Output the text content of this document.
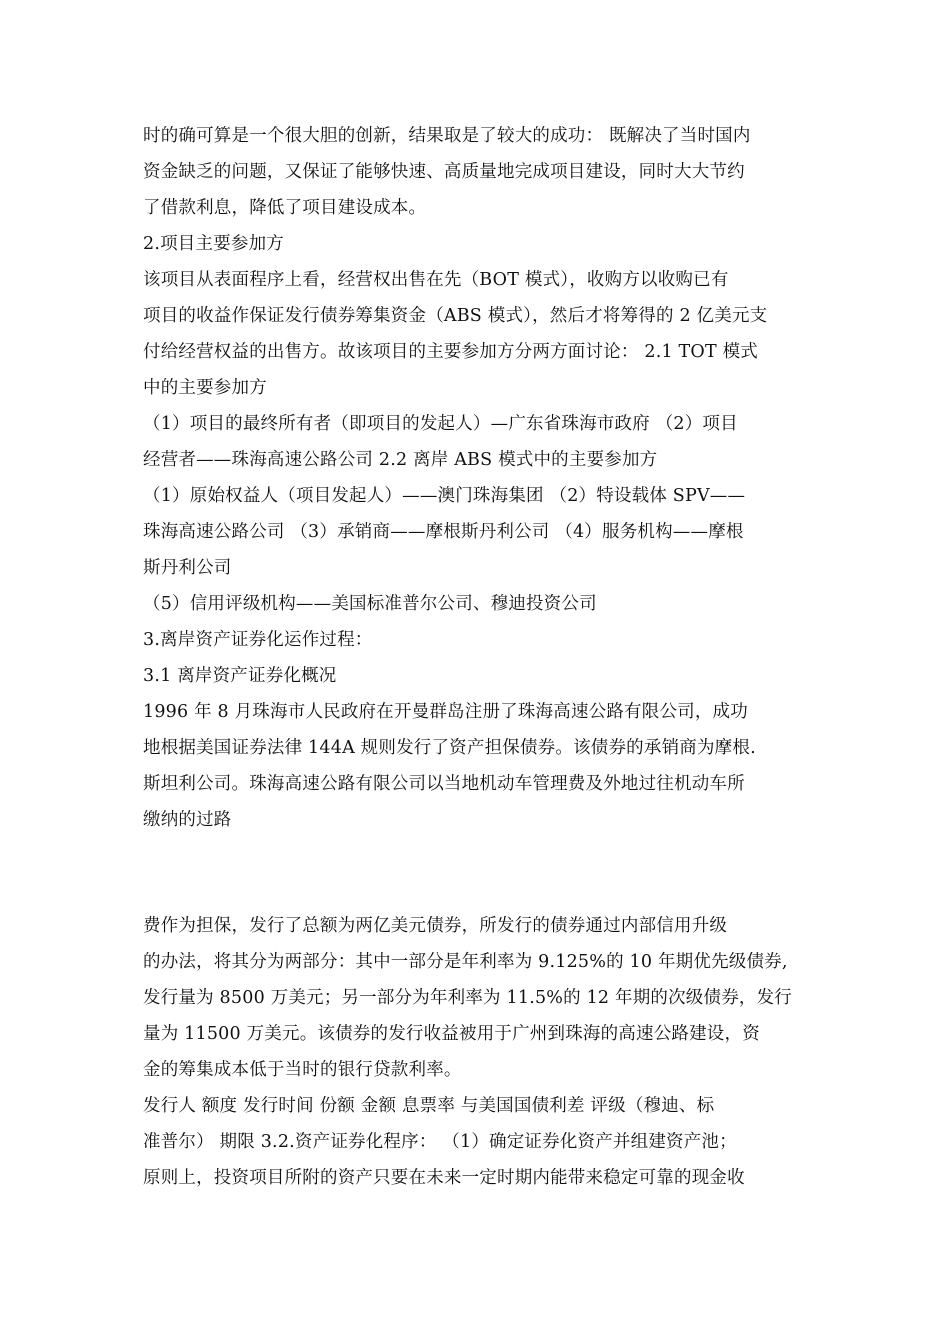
时的确可算是一个很大胆的创新，结果取是了较大的成功： 既解决了当时国内
资金缺乏的问题，又保证了能够快速、高质量地完成项目建设，同时大大节约
了借款利息，降低了项目建设成本。
2.项目主要参加方
该项目从表面程序上看，经营权出售在先（BOT 模式），收购方以收购已有
项目的收益作保证发行债券筹集资金（ABS 模式），然后才将筹得的 2 亿美元支
付给经营权益的出售方。故该项目的主要参加方分两方面讨论： 2.1 TOT 模式
中的主要参加方
（1）项目的最终所有者（即项目的发起人）—广东省珠海市政府 （2）项目
经营者——珠海高速公路公司 2.2 离岸 ABS 模式中的主要参加方
（1）原始权益人（项目发起人）——澳门珠海集团 （2）特设载体 SPV——
珠海高速公路公司 （3）承销商——摩根斯丹利公司 （4）服务机构——摩根
斯丹利公司
（5）信用评级机构——美国标准普尔公司、穆迪投资公司
3.离岸资产证券化运作过程：
3.1 离岸资产证券化概况
1996 年 8 月珠海市人民政府在开曼群岛注册了珠海高速公路有限公司，成功
地根据美国证券法律 144A 规则发行了资产担保债券。该债券的承销商为摩根.
斯坦利公司。珠海高速公路有限公司以当地机动车管理费及外地过往机动车所
缴纳的过路
费作为担保，发行了总额为两亿美元债券，所发行的债券通过内部信用升级
的办法，将其分为两部分：其中一部分是年利率为 9.125%的 10 年期优先级债券,
发行量为 8500 万美元；另一部分为年利率为 11.5%的 12 年期的次级债券，发行
量为 11500 万美元。该债券的发行收益被用于广州到珠海的高速公路建设，资
金的筹集成本低于当时的银行贷款利率。
发行人 额度 发行时间 份额 金额 息票率 与美国国债利差 评级（穆迪、标
准普尔） 期限 3.2.资产证券化程序： （1）确定证券化资产并组建资产池；
原则上，投资项目所附的资产只要在未来一定时期内能带来稳定可靠的现金收
